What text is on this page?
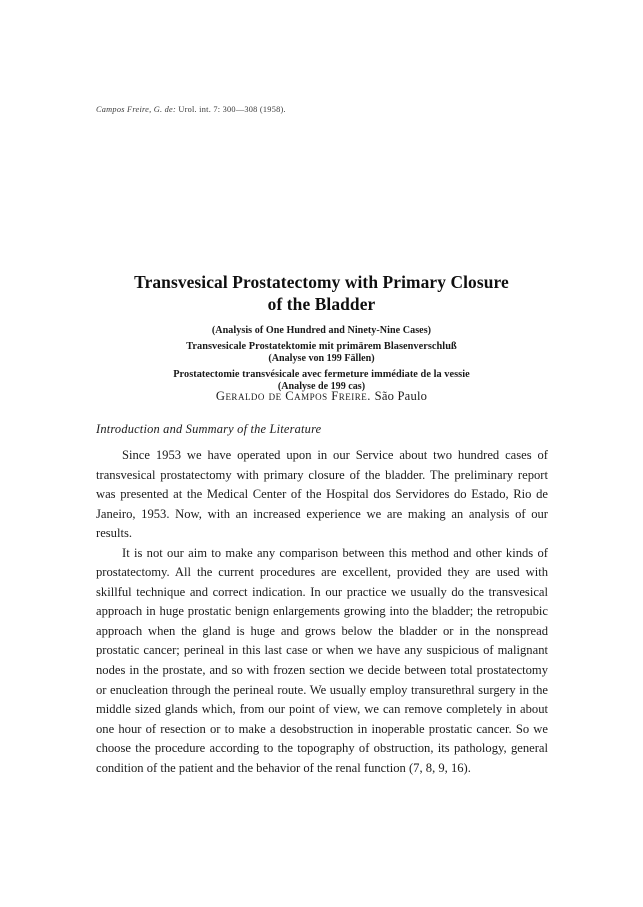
Campos Freire, G. de: Urol. int. 7: 300—308 (1958).
Transvesical Prostatectomy with Primary Closure
of the Bladder
(Analysis of One Hundred and Ninety-Nine Cases)
Transvesicale Prostatektomie mit primärem Blasenverschluß
(Analyse von 199 Fällen)
Prostatectomie transvésicale avec fermeture immédiate de la vessie
(Analyse de 199 cas)
Geraldo de Campos Freire. São Paulo
Introduction and Summary of the Literature

Since 1953 we have operated upon in our Service about two hundred cases of transvesical prostatectomy with primary closure of the bladder. The preliminary report was presented at the Medical Center of the Hospital dos Servidores do Estado, Rio de Janeiro, 1953. Now, with an increased experience we are making an analysis of our results.

It is not our aim to make any comparison between this method and other kinds of prostatectomy. All the current procedures are excellent, provided they are used with skillful technique and correct indication. In our practice we usually do the transvesical approach in huge prostatic benign enlargements growing into the bladder; the retropubic approach when the gland is huge and grows below the bladder or in the nonspread prostatic cancer; perineal in this last case or when we have any suspicious of malignant nodes in the prostate, and so with frozen section we decide between total prostatectomy or enucleation through the perineal route. We usually employ transurethral surgery in the middle sized glands which, from our point of view, we can remove completely in about one hour of resection or to make a desobstruction in inoperable prostatic cancer. So we choose the procedure according to the topography of obstruction, its pathology, general condition of the patient and the behavior of the renal function (7, 8, 9, 16).
